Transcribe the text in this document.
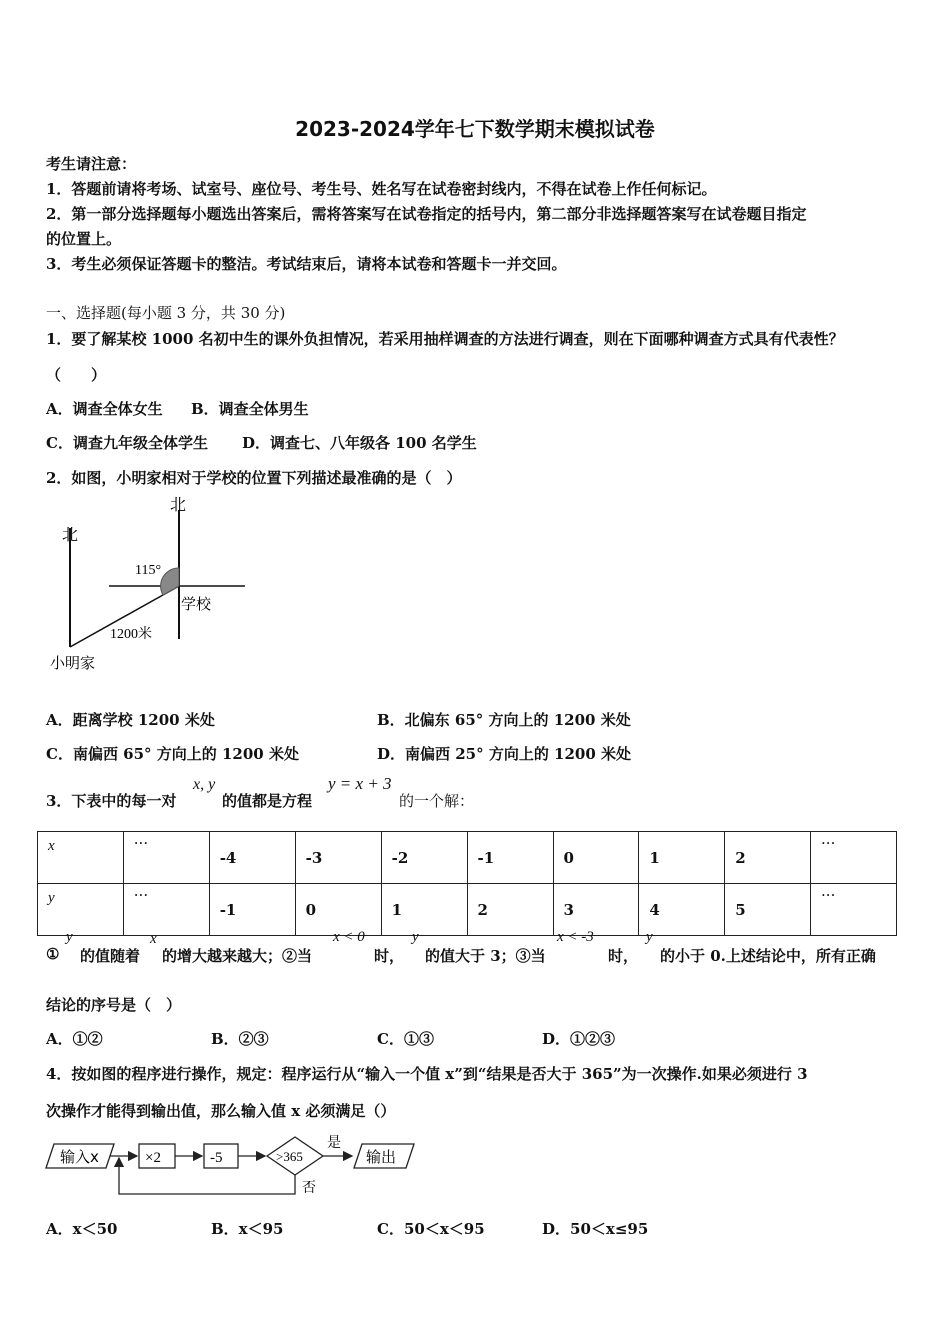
2023-2024学年七下数学期末模拟试卷
考生请注意：
1．答题前请将考场、试室号、座位号、考生号、姓名写在试卷密封线内，不得在试卷上作任何标记。
2．第一部分选择题每小题选出答案后，需将答案写在试卷指定的括号内，第二部分非选择题答案写在试卷题目指定
的位置上。
3．考生必须保证答题卡的整洁。考试结束后，请将本试卷和答题卡一并交回。
一、选择题(每小题 3 分，共 30 分)
1．要了解某校 1000 名初中生的课外负担情况，若采用抽样调查的方法进行调查，则在下面哪种调查方式具有代表性？
（　　）
A．调查全体女生 B．调查全体男生
C．调查九年级全体学生 D．调查七、八年级各 100 名学生
2．如图，小明家相对于学校的位置下列描述最准确的是（　）
北
北
115°
学校
1200米
小明家
A．距离学校 1200 米处	B．北偏东 65° 方向上的 1200 米处
C．南偏西 65° 方向上的 1200 米处	D．南偏西 25° 方向上的 1200 米处
3．下表中的每一对
x, y
的值都是方程
y = x + 3
的一个解：
x	···	-4	-3	-2	-1	0	1	2	···
y	···	-1	0	1	2	3	4	5	···
①
y
的值随着
x
的增大越来越大；②当
x < 0
时，
y
的值大于 3；③当
x < -3
时，
y
的小于 0.上述结论中，所有正确
结论的序号是（　）
A．①②	B．②③	C．①③	D．①②③
4．按如图的程序进行操作，规定：程序运行从“输入一个值 x”到“结果是否大于 365”为一次操作.如果必须进行 3
次操作才能得到输出值，那么输入值 x 必须满足（）
输入x	×2	-5	>365
是
输出
否
A．x＜50	B．x＜95	C．50＜x＜95	D．50＜x≤95
